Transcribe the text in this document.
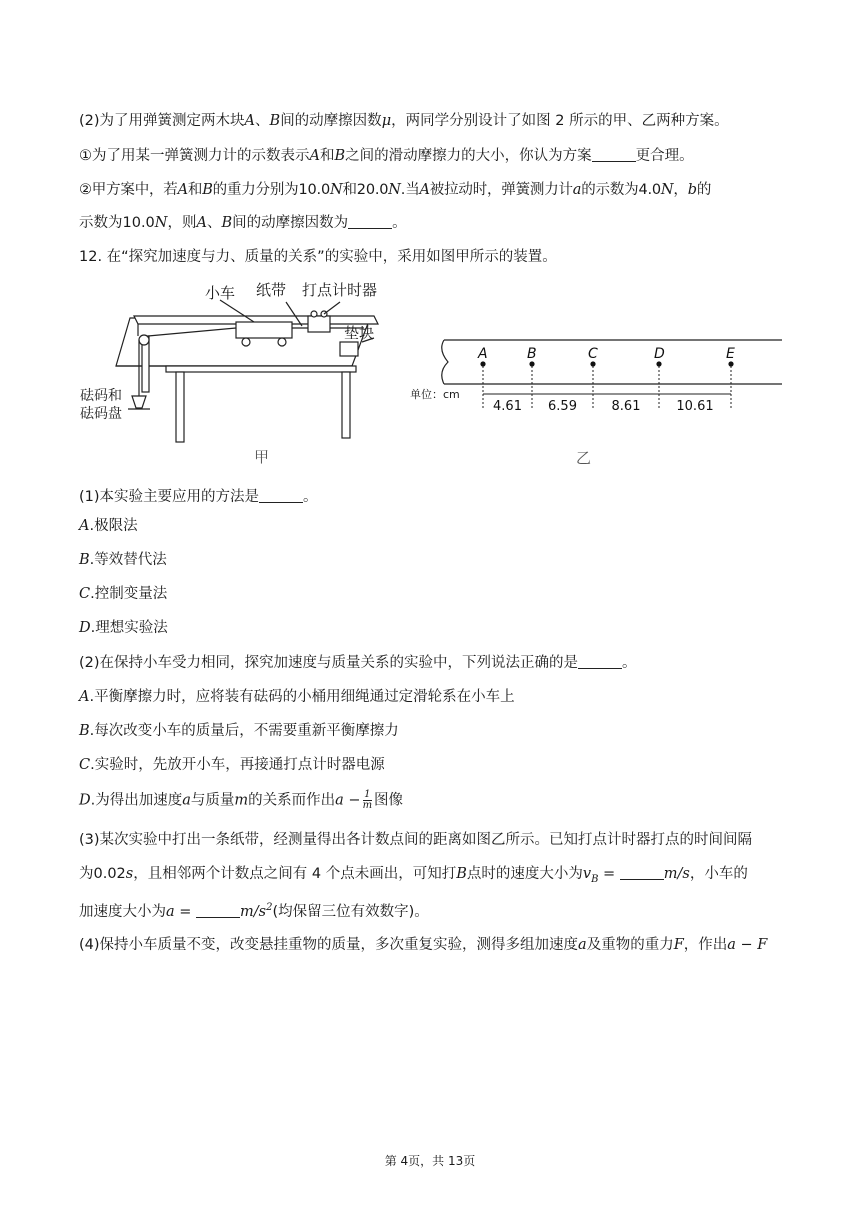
(2)为了用弹簧测定两木块A、B间的动摩擦因数μ，两同学分别设计了如图 2 所示的甲、乙两种方案。
①为了用某一弹簧测力计的示数表示A和B之间的滑动摩擦力的大小，你认为方案	更合理。
②甲方案中，若A和B的重力分别为10.0N和20.0N.当A被拉动时，弹簧测力计a的示数为4.0N，b的
示数为10.0N，则A、B间的动摩擦因数为	。
12. 在“探究加速度与力、质量的关系”的实验中，采用如图甲所示的装置。
小车 纸带 打点计时器
垫块
砝码和
砝码盘
甲
A	B	C	D	E
4.61 6.59	8.61	10.61
单位：cm
乙
(1)本实验主要应用的方法是	。
A.极限法
B.等效替代法
C.控制变量法
D.理想实验法
(2)在保持小车受力相同，探究加速度与质量关系的实验中，下列说法正确的是	。
A.平衡摩擦力时，应将装有砝码的小桶用细绳通过定滑轮系在小车上
B.每次改变小车的质量后，不需要重新平衡摩擦力
C.实验时，先放开小车，再接通打点计时器电源
D.为得出加速度a与质量m的关系而作出$a - \frac{1}{m}$ 图像
(3)某次实验中打出一条纸带，经测量得出各计数点间的距离如图乙所示。已知打点计时器打点的时间间隔
为0.02s，且相邻两个计数点之间有 4 个点未画出，可知打B点时的速度大小为$v_B$ =	m/s，小车的
加速度大小为a =	$m/s^2$(均保留三位有效数字)。
(4)保持小车质量不变，改变悬挂重物的质量，多次重复实验，测得多组加速度a及重物的重力F，作出a − F
第 4页，共 13页
